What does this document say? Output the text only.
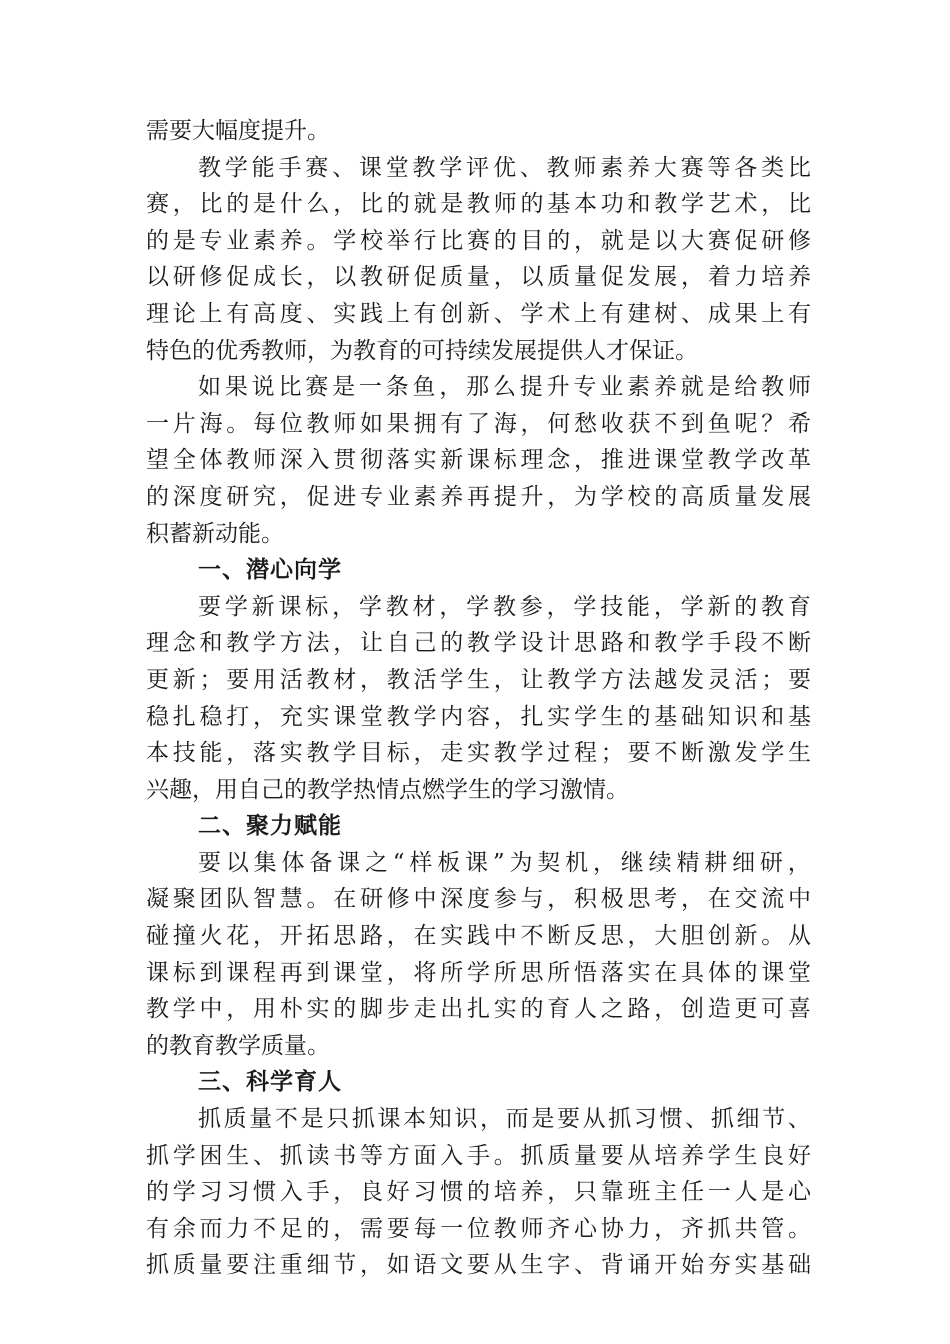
需要大幅度提升。
教 学 能 手 赛 、 课 堂 教 学 评 优 、 教 师 素 养 大 赛 等 各 类 比
赛 ， 比 的 是 什 么 ， 比 的 就 是 教 师 的 基 本 功 和 教 学 艺 术 ， 比
的 是 专 业 素 养 。 学 校 举 行 比 赛 的 目 的 ， 就 是 以 大 赛 促 研 修
以 研 修 促 成 长 ， 以 教 研 促 质 量 ， 以 质 量 促 发 展 ， 着 力 培 养
理 论 上 有 高 度 、 实 践 上 有 创 新 、 学 术 上 有 建 树 、 成 果 上 有
特色的优秀教师，为教育的可持续发展提供人才保证。
如 果 说 比 赛 是 一 条 鱼 ， 那 么 提 升 专 业 素 养 就 是 给 教 师
一 片 海 。 每 位 教 师 如 果 拥 有 了 海 ， 何 愁 收 获 不 到 鱼 呢 ？ 希
望 全 体 教 师 深 入 贯 彻 落 实 新 课 标 理 念 ， 推 进 课 堂 教 学 改 革
的 深 度 研 究 ， 促 进 专 业 素 养 再 提 升 ， 为 学 校 的 高 质 量 发 展
积蓄新动能。
一、潜心向学
要 学 新 课 标 ， 学 教 材 ， 学 教 参 ， 学 技 能 ， 学 新 的 教 育
理 念 和 教 学 方 法 ， 让 自 己 的 教 学 设 计 思 路 和 教 学 手 段 不 断
更 新 ； 要 用 活 教 材 ， 教 活 学 生 ， 让 教 学 方 法 越 发 灵 活 ； 要
稳 扎 稳 打 ， 充 实 课 堂 教 学 内 容 ， 扎 实 学 生 的 基 础 知 识 和 基
本 技 能 ， 落 实 教 学 目 标 ， 走 实 教 学 过 程 ； 要 不 断 激 发 学 生
兴趣，用自己的教学热情点燃学生的学习激情。
二、聚力赋能
要 以 集 体 备 课 之 “ 样 板 课 ” 为 契 机 ， 继 续 精 耕 细 研 ，
凝 聚 团 队 智 慧 。 在 研 修 中 深 度 参 与 ， 积 极 思 考 ， 在 交 流 中
碰 撞 火 花 ， 开 拓 思 路 ， 在 实 践 中 不 断 反 思 ， 大 胆 创 新 。 从
课 标 到 课 程 再 到 课 堂 ， 将 所 学 所 思 所 悟 落 实 在 具 体 的 课 堂
教 学 中 ， 用 朴 实 的 脚 步 走 出 扎 实 的 育 人 之 路 ， 创 造 更 可 喜
的教育教学质量。
三、科学育人
抓 质 量 不 是 只 抓 课 本 知 识 ， 而 是 要 从 抓 习 惯 、 抓 细 节 、
抓 学 困 生 、 抓 读 书 等 方 面 入 手 。 抓 质 量 要 从 培 养 学 生 良 好
的 学 习 习 惯 入 手 ， 良 好 习 惯 的 培 养 ， 只 靠 班 主 任 一 人 是 心
有 余 而 力 不 足 的 ， 需 要 每 一 位 教 师 齐 心 协 力 ， 齐 抓 共 管 。
抓 质 量 要 注 重 细 节 ， 如 语 文 要 从 生 字 、 背 诵 开 始 夯 实 基 础
